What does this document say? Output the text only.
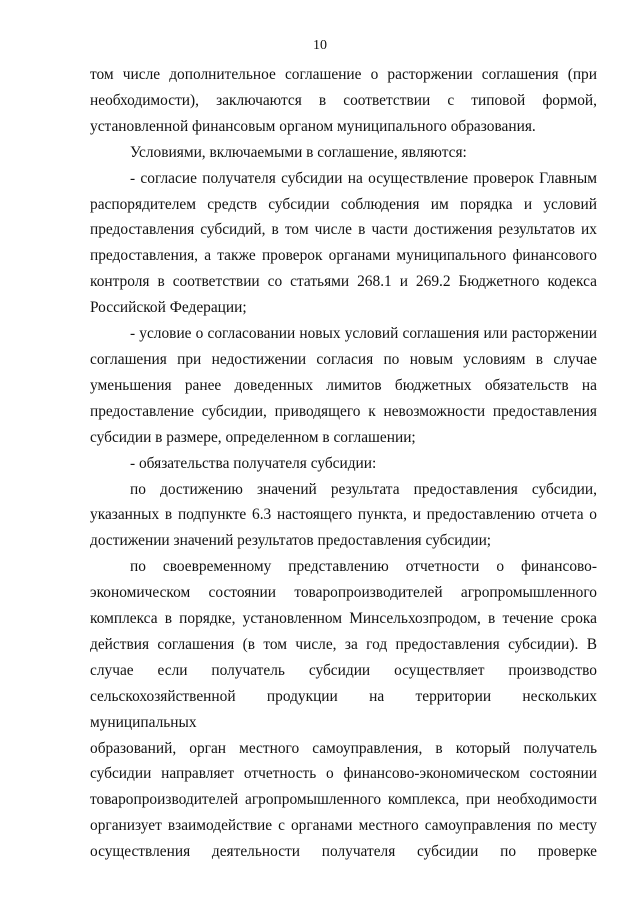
10

том числе дополнительное соглашение о расторжении соглашения (при

необходимости), заключаются в соответствии с типовой формой,

установленной финансовым органом муниципального образования.

Условиями, включаемыми в соглашение, являются:

- согласие получателя субсидии на осуществление проверок Главным

распорядителем средств субсидии соблюдения им порядка и условий

предоставления субсидий, в том числе в части достижения результатов их

предоставления, а также проверок органами муниципального финансового

контроля в соответствии со статьями 268.1 и 269.2 Бюджетного кодекса

Российской Федерации;

- условие о согласовании новых условий соглашения или расторжении

соглашения при недостижении согласия по новым условиям в случае

уменьшения ранее доведенных лимитов бюджетных обязательств на

предоставление субсидии, приводящего к невозможности предоставления

субсидии в размере, определенном в соглашении;

- обязательства получателя субсидии:

по достижению значений результата предоставления субсидии,

указанных в подпункте 6.3 настоящего пункта, и предоставлению отчета о

достижении значений результатов предоставления субсидии;

по своевременному представлению отчетности о финансово-

экономическом состоянии товаропроизводителей агропромышленного

комплекса в порядке, установленном Минсельхозпродом, в течение срока

действия соглашения (в том числе, за год предоставления субсидии). В

случае если получатель субсидии осуществляет производство

сельскохозяйственной продукции на территории нескольких муниципальных

образований, орган местного самоуправления, в который получатель

субсидии направляет отчетность о финансово-экономическом состоянии

товаропроизводителей агропромышленного комплекса, при необходимости

организует взаимодействие с органами местного самоуправления по месту

осуществления деятельности получателя субсидии по проверке
